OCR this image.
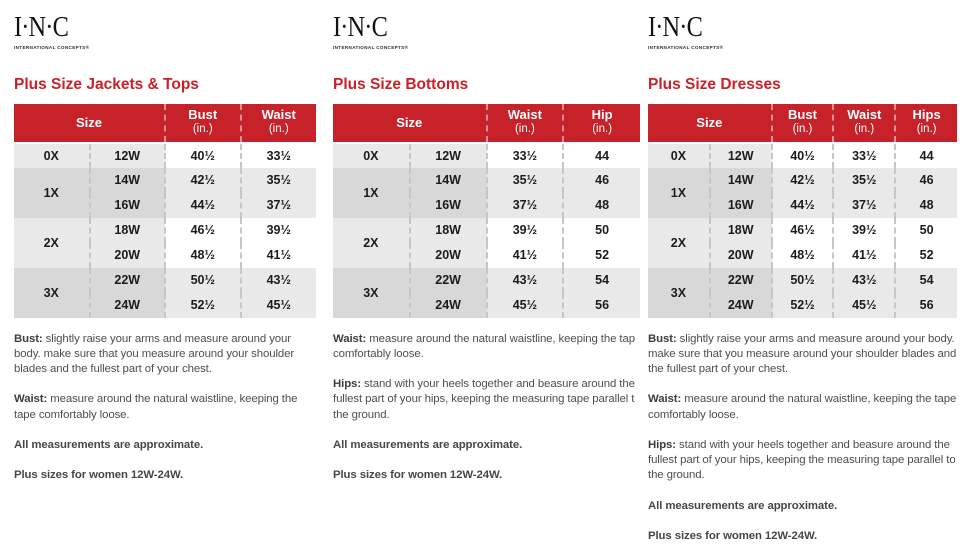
I·N·C
INTERNATIONAL CONCEPTS®
Plus Size Jackets & Tops
Size	
Bust
(in.)

Waist
(in.)

0X	12W	40½	33½
1X	14W	42½	35½
	16W	44½	37½
2X	18W	46½	39½
	20W	48½	41½
3X	22W	50½	43½
	24W	52½	45½

Bust: slightly raise your arms and measure around your body. make sure that you measure around your shoulder blades and the fullest part of your chest.

Waist: measure around the natural waistline, keeping the tape comfortably loose.

All measurements are approximate.

Plus sizes for women 12W-24W.

I·N·C
INTERNATIONAL CONCEPTS®
Plus Size Bottoms
Size	
Waist
(in.)

Hip
(in.)

0X	12W	33½	44
1X	14W	35½	46
	16W	37½	48
2X	18W	39½	50
	20W	41½	52
3X	22W	43½	54
	24W	45½	56

Waist: measure around the natural waistline, keeping the tap comfortably loose.

Hips: stand with your heels together and beasure around the fullest part of your hips, keeping the measuring tape parallel t the ground.

All measurements are approximate.

Plus sizes for women 12W-24W.

I·N·C
INTERNATIONAL CONCEPTS®
Plus Size Dresses
Size	
Bust
(in.)

Waist
(in.)

Hips
(in.)

0X	12W	40½	33½	44
1X	14W	42½	35½	46
	16W	44½	37½	48
2X	18W	46½	39½	50
	20W	48½	41½	52
3X	22W	50½	43½	54
	24W	52½	45½	56

Bust: slightly raise your arms and measure around your body. make sure that you measure around your shoulder blades and the fullest part of your chest.

Waist: measure around the natural waistline, keeping the tape comfortably loose.

Hips: stand with your heels together and beasure around the fullest part of your hips, keeping the measuring tape parallel to the ground.

All measurements are approximate.

Plus sizes for women 12W-24W.
